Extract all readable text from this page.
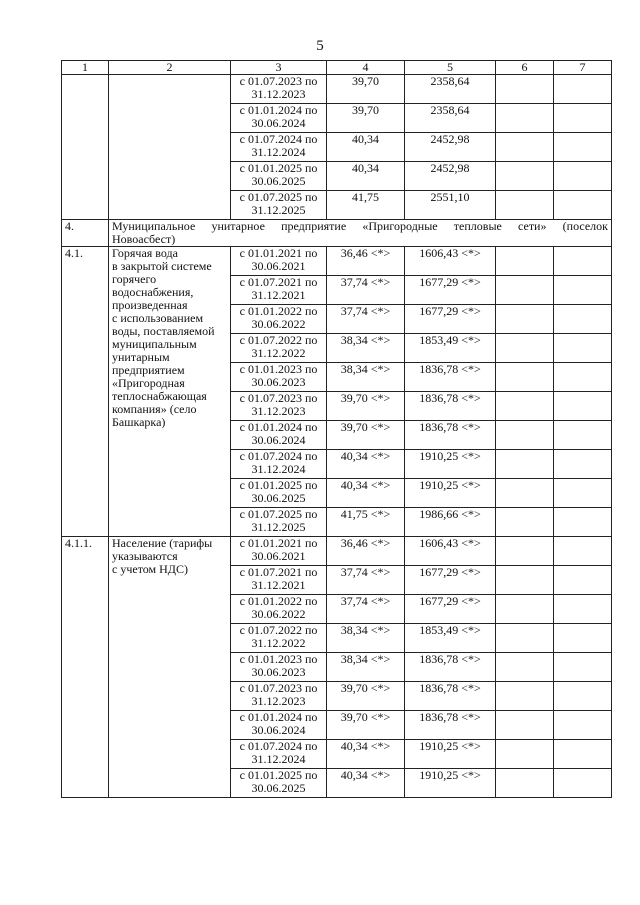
5
1	2	3	4	5	6	7
		с 01.07.2023 по 31.12.2023	39,70	2358,64		
		с 01.01.2024 по 30.06.2024	39,70	2358,64		
		с 01.07.2024 по 31.12.2024	40,34	2452,98		
		с 01.01.2025 по 30.06.2025	40,34	2452,98		
		с 01.07.2025 по 31.12.2025	41,75	2551,10		
4.	Муниципальное унитарное предприятие «Пригородные тепловые сети» (поселок
Новоасбест)					

4.1.	Горячая вода
в закрытой системе горячего водоснабжения, произведенная
с использованием воды, поставляемой муниципальным унитарным предприятием «Пригородная теплоснабжающая компания» (село Башкарка)	с 01.01.2021 по 30.06.2021	36,46 <*>	1606,43 <*>		
		с 01.07.2021 по 31.12.2021	37,74 <*>	1677,29 <*>		
		с 01.01.2022 по 30.06.2022	37,74 <*>	1677,29 <*>		
		с 01.07.2022 по 31.12.2022	38,34 <*>	1853,49 <*>		
		с 01.01.2023 по 30.06.2023	38,34 <*>	1836,78 <*>		
		с 01.07.2023 по 31.12.2023	39,70 <*>	1836,78 <*>		
		с 01.01.2024 по 30.06.2024	39,70 <*>	1836,78 <*>		
		с 01.07.2024 по 31.12.2024	40,34 <*>	1910,25 <*>		
		с 01.01.2025 по 30.06.2025	40,34 <*>	1910,25 <*>		
		с 01.07.2025 по 31.12.2025	41,75 <*>	1986,66 <*>		
4.1.1.	Население (тарифы указываются
с учетом НДС)	с 01.01.2021 по 30.06.2021	36,46 <*>	1606,43 <*>		
		с 01.07.2021 по 31.12.2021	37,74 <*>	1677,29 <*>		
		с 01.01.2022 по 30.06.2022	37,74 <*>	1677,29 <*>		
		с 01.07.2022 по 31.12.2022	38,34 <*>	1853,49 <*>		
		с 01.01.2023 по 30.06.2023	38,34 <*>	1836,78 <*>		
		с 01.07.2023 по 31.12.2023	39,70 <*>	1836,78 <*>		
		с 01.01.2024 по 30.06.2024	39,70 <*>	1836,78 <*>		
		с 01.07.2024 по 31.12.2024	40,34 <*>	1910,25 <*>		
		с 01.01.2025 по 30.06.2025	40,34 <*>	1910,25 <*>		
